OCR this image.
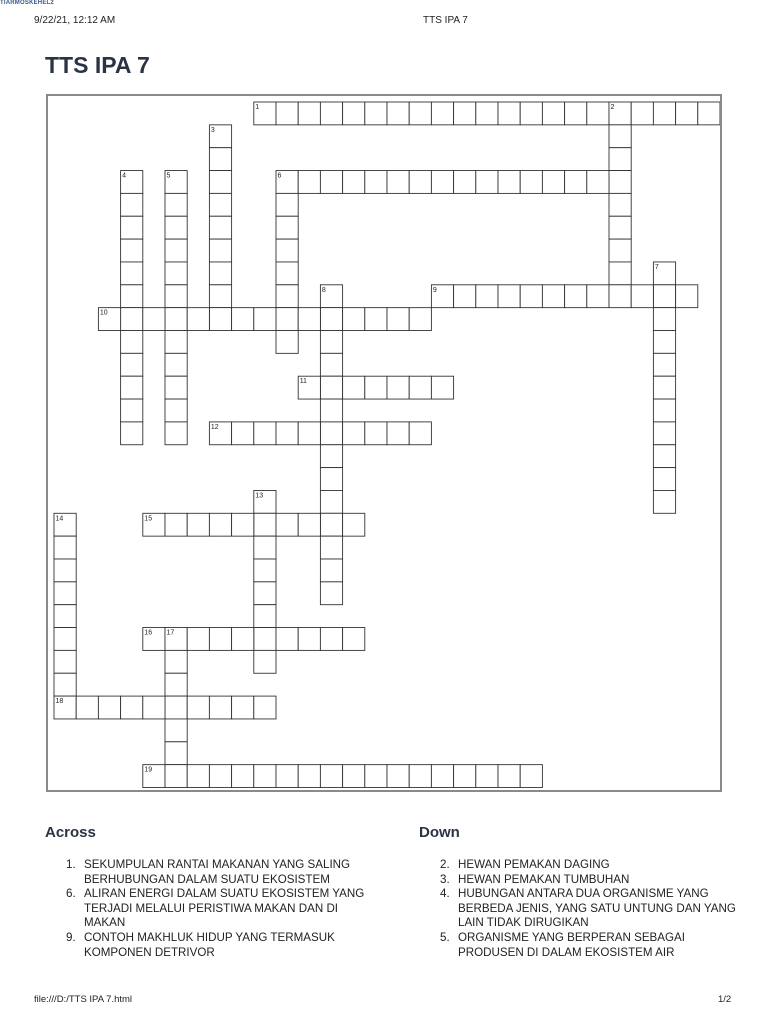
TIARMOSKEHEL2
9/22/21, 12:12 AM	TTS IPA 7
TTS IPA 7
1	2
3
4	5	6
7
8	9
10
11
12
13
14	15
16 17
18
19
Across
1. SEKUMPULAN RANTAI MAKANAN YANG SALING BERHUBUNGAN DALAM SUATU EKOSISTEM
6. ALIRAN ENERGI DALAM SUATU EKOSISTEM YANG TERJADI MELALUI PERISTIWA MAKAN DAN DI MAKAN
9. CONTOH MAKHLUK HIDUP YANG TERMASUK KOMPONEN DETRIVOR
Down
2. HEWAN PEMAKAN DAGING
3. HEWAN PEMAKAN TUMBUHAN
4. HUBUNGAN ANTARA DUA ORGANISME YANG BERBEDA JENIS, YANG SATU UNTUNG DAN YANG LAIN TIDAK DIRUGIKAN
5. ORGANISME YANG BERPERAN SEBAGAI PRODUSEN DI DALAM EKOSISTEM AIR
file:///D:/TTS IPA 7.html	1/2
